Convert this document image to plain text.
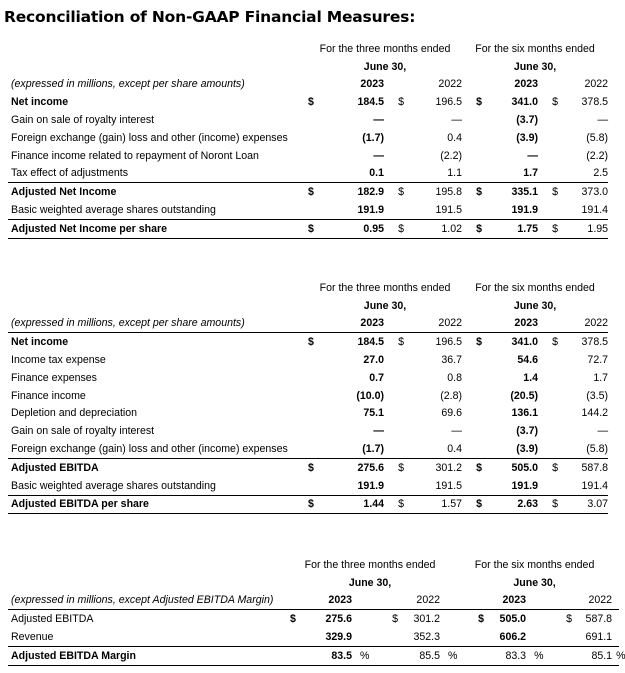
Reconciliation of Non-GAAP Financial Measures:
	For the three months ended				For the six months ended			
	June 30,				June 30,			
(expressed in millions, except per share amounts)		2023		2022		2023		2022
Net income	$	184.5	$	196.5	$	341.0	$	378.5
Gain on sale of royalty interest		—		—		(3.7)		—
Foreign exchange (gain) loss and other (income) expenses		(1.7)		0.4		(3.9)		(5.8)
Finance income related to repayment of Noront Loan		—		(2.2)		—		(2.2)
Tax effect of adjustments		0.1		1.1		1.7		2.5
Adjusted Net Income	$	182.9	$	195.8	$	335.1	$	373.0
Basic weighted average shares outstanding		191.9		191.5		191.9		191.4
Adjusted Net Income per share	$	0.95	$	1.02	$	1.75	$	1.95
	For the three months ended				For the six months ended			
	June 30,				June 30,			
(expressed in millions, except per share amounts)		2023		2022		2023		2022
Net income	$	184.5	$	196.5	$	341.0	$	378.5
Income tax expense		27.0		36.7		54.6		72.7
Finance expenses		0.7		0.8		1.4		1.7
Finance income		(10.0)		(2.8)		(20.5)		(3.5)
Depletion and depreciation		75.1		69.6		136.1		144.2
Gain on sale of royalty interest		—		—		(3.7)		—
Foreign exchange (gain) loss and other (income) expenses		(1.7)		0.4		(3.9)		(5.8)
Adjusted EBITDA	$	275.6	$	301.2	$	505.0	$	587.8
Basic weighted average shares outstanding		191.9		191.5		191.9		191.4
Adjusted EBITDA per share	$	1.44	$	1.57	$	2.63	$	3.07
	For the three months ended						For the six months ended					
	June 30,						June 30,					
(expressed in millions, except Adjusted EBITDA Margin)		2023			2022			2023			2022	
Adjusted EBITDA	$	275.6		$	301.2		$	505.0		$	587.8	
Revenue		329.9			352.3			606.2			691.1	
Adjusted EBITDA Margin		83.5	%		85.5	%		83.3	%		85.1	%
